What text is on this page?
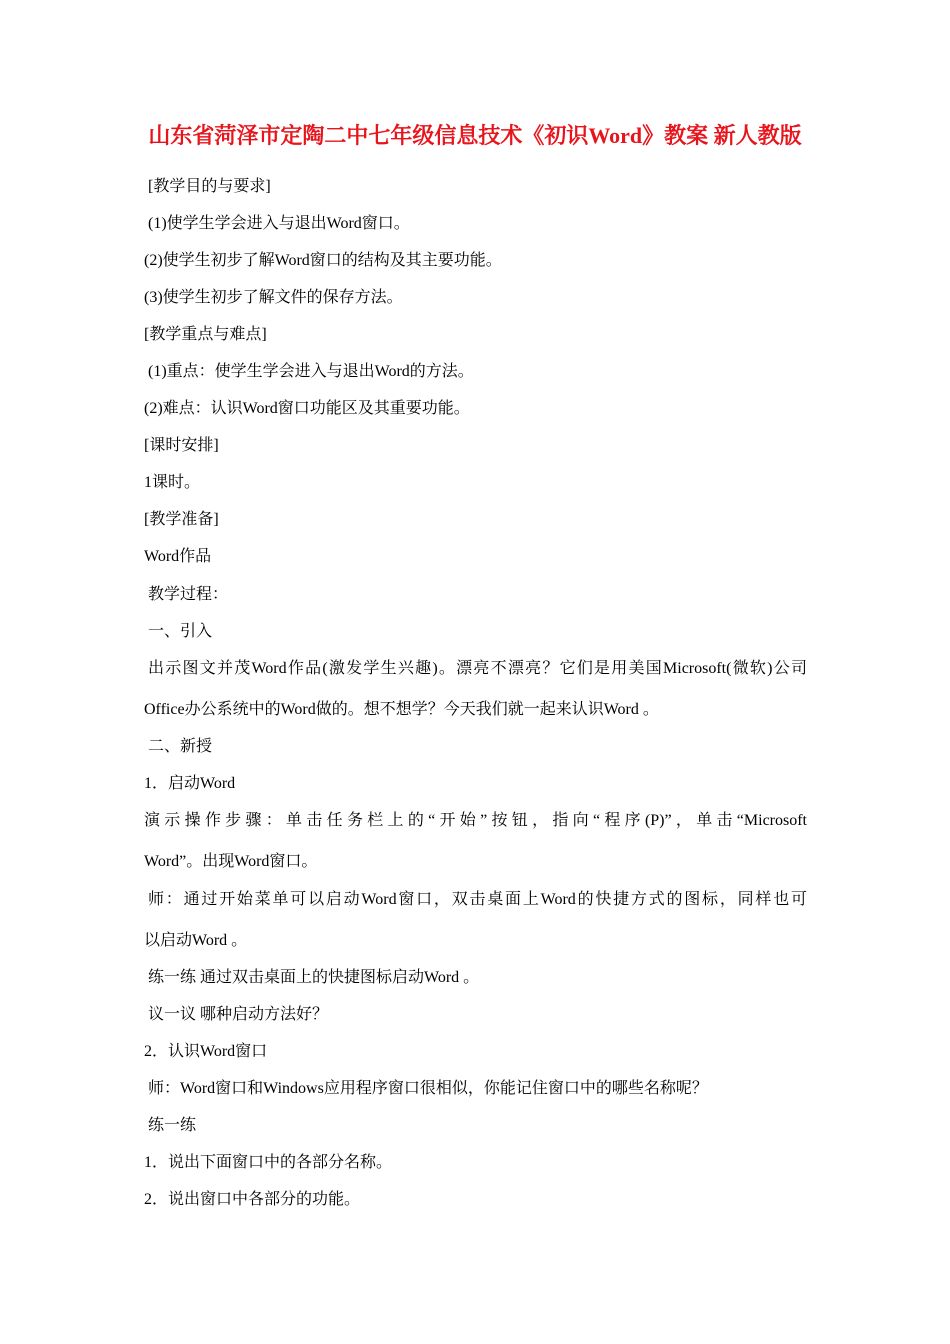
山东省菏泽市定陶二中七年级信息技术《初识Word》教案 新人教版
[教学目的与要求]
(1)使学生学会进入与退出Word窗口。
(2)使学生初步了解Word窗口的结构及其主要功能。
(3)使学生初步了解文件的保存方法。
[教学重点与难点]
(1)重点：使学生学会进入与退出Word的方法。
(2)难点：认识Word窗口功能区及其重要功能。
[课时安排]
1课时。
[教学准备]
Word作品
教学过程：
一、引入
出示图文并茂Word作品(激发学生兴趣)。漂亮不漂亮？它们是用美国Microsoft(微软)公司
Office办公系统中的Word做的。想不想学？今天我们就一起来认识Word 。
二、新授
1．启动Word
演示操作步骤：单击任务栏上的“开始”按钮，指向“程序(P)”，单击“Microsoft
Word”。出现Word窗口。
师：通过开始菜单可以启动Word窗口，双击桌面上Word的快捷方式的图标，同样也可
以启动Word 。
练一练 通过双击桌面上的快捷图标启动Word 。
议一议 哪种启动方法好？
2．认识Word窗口
师：Word窗口和Windows应用程序窗口很相似，你能记住窗口中的哪些名称呢？
练一练
1．说出下面窗口中的各部分名称。
2．说出窗口中各部分的功能。
